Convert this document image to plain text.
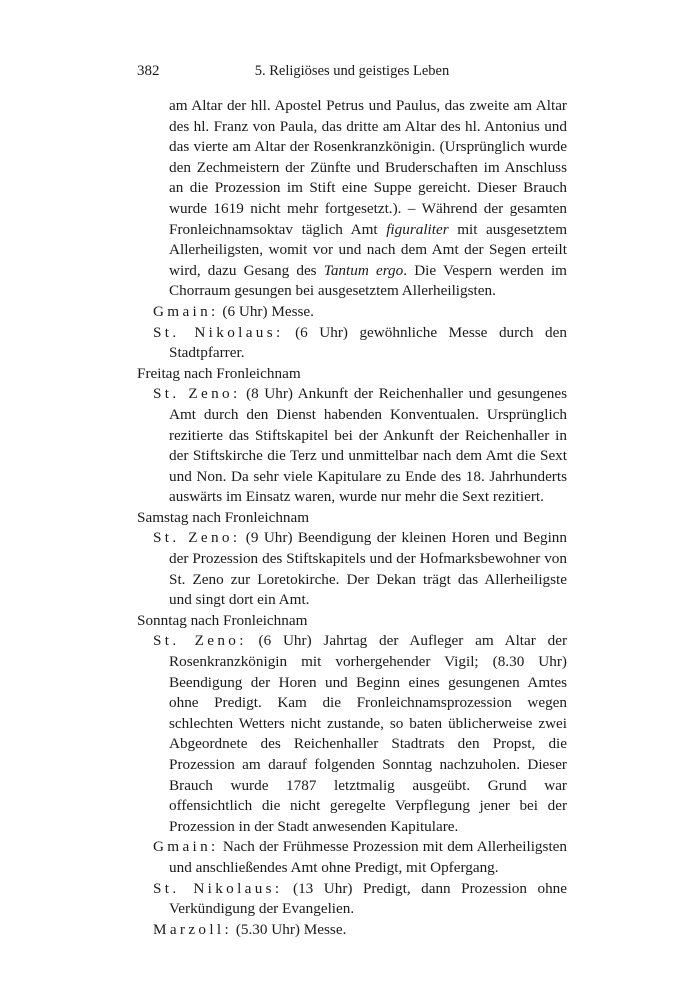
382	5. Religiöses und geistiges Leben

am Altar der hll. Apostel Petrus und Paulus, das zweite am Altar des hl. Franz von Paula, das dritte am Altar des hl. Antonius und das vierte am Altar der Rosenkranzkönigin. (Ursprünglich wurde den Zechmeistern der Zünfte und Bruderschaften im Anschluss an die Prozession im Stift eine Suppe gereicht. Dieser Brauch wurde 1619 nicht mehr fortgesetzt.). – Während der gesamten Fronleichnamsoktav täglich Amt figuraliter mit ausgesetztem Allerheiligsten, womit vor und nach dem Amt der Segen erteilt wird, dazu Gesang des Tantum ergo. Die Vespern werden im Chorraum gesungen bei ausgesetztem Allerheiligsten.

Gmain: (6 Uhr) Messe.

St. Nikolaus: (6 Uhr) gewöhnliche Messe durch den Stadtpfarrer.

Freitag nach Fronleichnam

St. Zeno: (8 Uhr) Ankunft der Reichenhaller und gesungenes Amt durch den Dienst habenden Konventualen. Ursprünglich rezitierte das Stiftskapitel bei der Ankunft der Reichenhaller in der Stiftskirche die Terz und unmittelbar nach dem Amt die Sext und Non. Da sehr viele Kapitulare zu Ende des 18. Jahrhunderts auswärts im Einsatz waren, wurde nur mehr die Sext rezitiert.

Samstag nach Fronleichnam

St. Zeno: (9 Uhr) Beendigung der kleinen Horen und Beginn der Prozession des Stiftskapitels und der Hofmarksbewohner von St. Zeno zur Loretokirche. Der Dekan trägt das Allerheiligste und singt dort ein Amt.

Sonntag nach Fronleichnam

St. Zeno: (6 Uhr) Jahrtag der Aufleger am Altar der Rosenkranzkönigin mit vorhergehender Vigil; (8.30 Uhr) Beendigung der Horen und Beginn eines gesungenen Amtes ohne Predigt. Kam die Fronleichnamsprozession wegen schlechten Wetters nicht zustande, so baten üblicherweise zwei Abgeordnete des Reichenhaller Stadtrats den Propst, die Prozession am darauf folgenden Sonntag nachzuholen. Dieser Brauch wurde 1787 letztmalig ausgeübt. Grund war offensichtlich die nicht geregelte Verpflegung jener bei der Prozession in der Stadt anwesenden Kapitulare.

Gmain: Nach der Frühmesse Prozession mit dem Allerheiligsten und anschließendes Amt ohne Predigt, mit Opfergang.

St. Nikolaus: (13 Uhr) Predigt, dann Prozession ohne Verkündigung der Evangelien.

Marzoll: (5.30 Uhr) Messe.
